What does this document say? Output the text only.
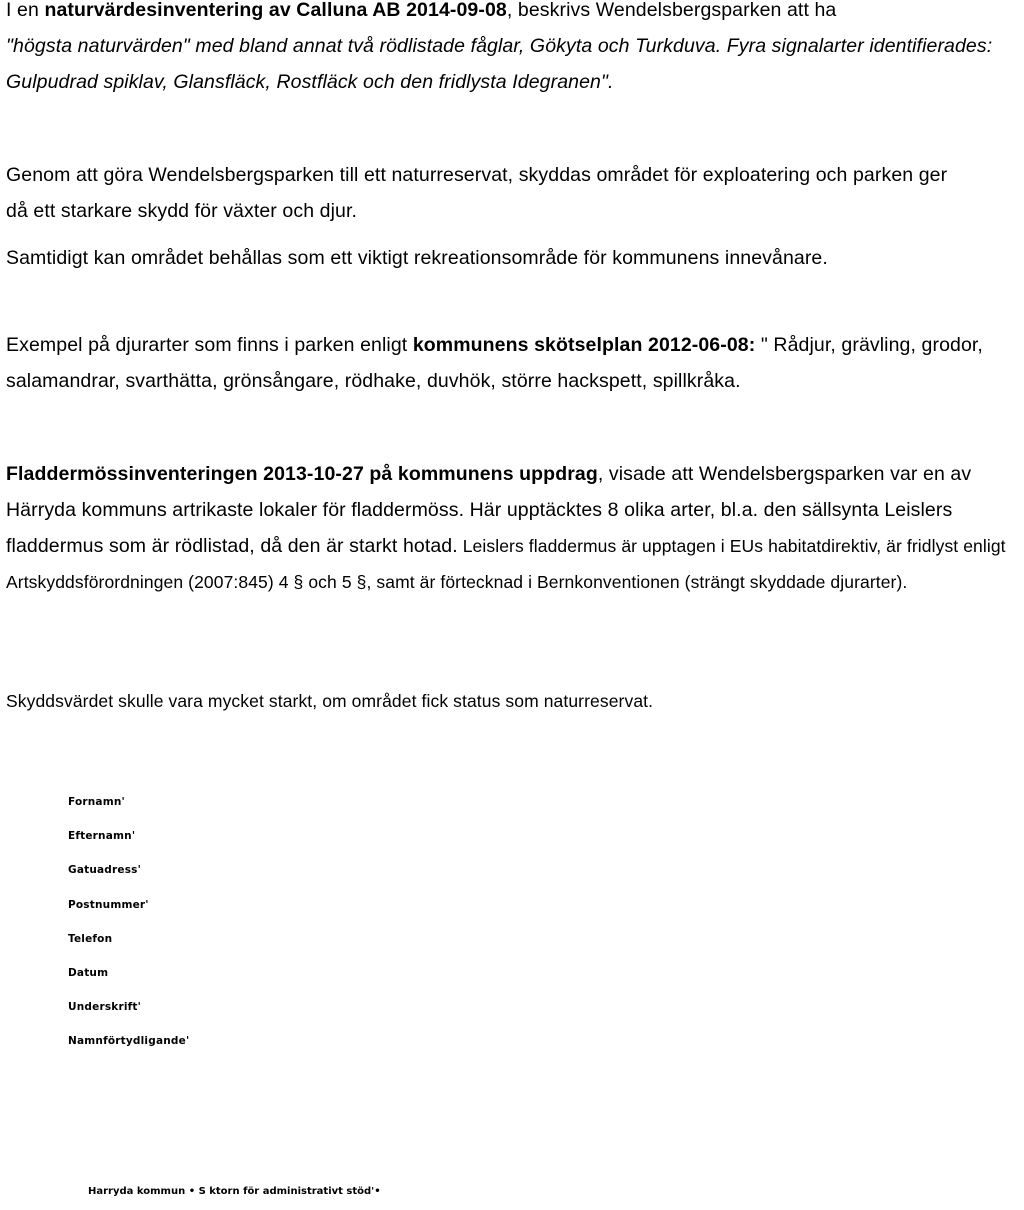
I en naturvärdesinventering av Calluna AB 2014-09-08, beskrivs Wendelsbergsparken att ha
"högsta naturvärden" med bland annat två rödlistade fåglar, Gökyta och Turkduva. Fyra signalarter identifierades: Gulpudrad spiklav, Glansfläck, Rostfläck och den fridlysta Idegranen".

Genom att göra Wendelsbergsparken till ett naturreservat, skyddas området för exploatering och parken ger då ett starkare skydd för växter och djur.

Samtidigt kan området behållas som ett viktigt rekreationsområde för kommunens innevånare.

Exempel på djurarter som finns i parken enligt kommunens skötselplan 2012-06-08: " Rådjur, grävling, grodor, salamandrar, svarthätta, grönsångare, rödhake, duvhök, större hackspett, spillkråka.

Fladdermössinventeringen 2013-10-27 på kommunens uppdrag, visade att Wendelsbergsparken var en av Härryda kommuns artrikaste lokaler för fladdermöss. Här upptäcktes 8 olika arter, bl.a. den sällsynta Leislers fladdermus som är rödlistad, då den är starkt hotad. Leislers fladdermus är upptagen i EUs habitatdirektiv, är fridlyst enligt Artskyddsförordningen (2007:845) 4 § och 5 §, samt är förtecknad i Bernkonventionen (strängt skyddade djurarter).

Skyddsvärdet skulle vara mycket starkt, om området fick status som naturreservat.

Fornamn'
Efternamn'
Gatuadress'
Postnummer'
Telefon
Datum
Underskrift'
Namnförtydligande'
Harryda kommun • S ktorn för administrativt stöd'•
